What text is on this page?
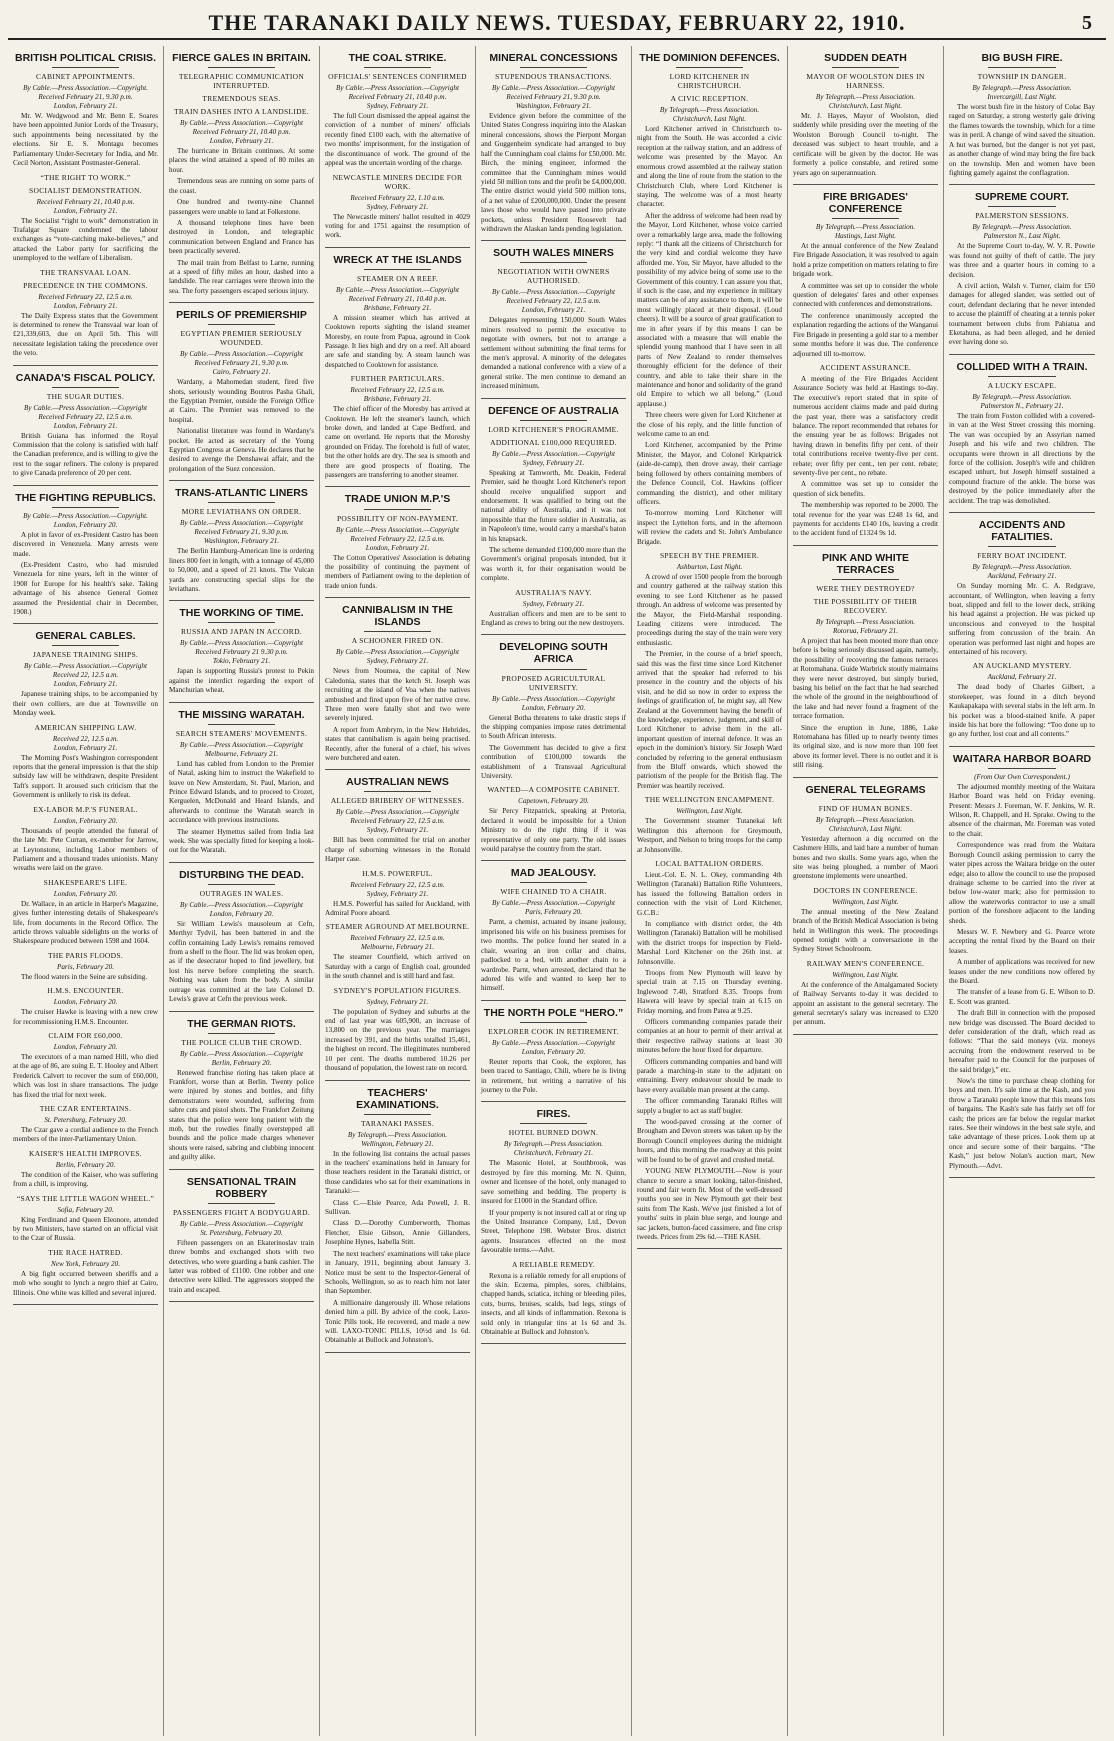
THE TARANAKI DAILY NEWS. TUESDAY, FEBRUARY 22, 1910.	5
BRITISH POLITICAL CRISIS.
CABINET APPOINTMENTS.
By Cable.—Press Association.—Copyright.
Received February 21, 9.30 p.m.
London, February 21.
Mr. W. Wedgwood and Mr. Benn E. Soares have been appointed Junior Lords of the Treasury, such appointments being necessitated by the elections. Sir E. S. Montagu becomes Parliamentary Under-Secretary for India, and Mr. Cecil Norton, Assistant Postmaster-General.
“THE RIGHT TO WORK.”
SOCIALIST DEMONSTRATION.
Received February 21, 10.40 p.m.
London, February 21.
The Socialist “right to work” demonstration in Trafalgar Square condemned the labour exchanges as “vote-catching make-believes,” and attacked the Labor party for sacrificing the unemployed to the welfare of Liberalism.
THE TRANSVAAL LOAN.
PRECEDENCE IN THE COMMONS.
Received February 22, 12.5 a.m.
London, February 21.
The Daily Express states that the Government is determined to renew the Transvaal war loan of £21,339,603, due on April 5th. This will necessitate legislation taking the precedence over the veto.
CANADA'S FISCAL POLICY.
THE SUGAR DUTIES.
By Cable.—Press Association.—Copyright
Received February 22, 12.5 a.m.
London, February 21.
British Guiana has informed the Royal Commission that the colony is satisfied with half the Canadian preference, and is willing to give the rest to the sugar refiners. The colony is prepared to give Canada preference of 20 per cent.
THE FIGHTING REPUBLICS.
By Cable.—Press Association.—Copyright.
London, February 20.
A plot in favor of ex-President Castro has been discovered in Venezuela. Many arrests were made.
(Ex-President Castro, who had misruled Venezuela for nine years, left in the winter of 1908 for Europe for his health's sake. Taking advantage of his absence General Gomez assumed the Presidential chair in December, 1908.)
GENERAL CABLES.
JAPANESE TRAINING SHIPS.
By Cable.—Press Association.—Copyright
Received 22, 12.5 a.m.
London, February 21.
Japanese training ships, to be accompanied by their own colliers, are due at Townsville on Monday week.
AMERICAN SHIPPING LAW.
Received 22, 12.5 a.m.
London, February 21.
The Morning Post's Washington correspondent reports that the general impression is that the ship subsidy law will be withdrawn, despite President Taft's support. It aroused such criticism that the Government is unlikely to risk its defeat.
EX-LABOR M.P.'S FUNERAL.
London, February 20.
Thousands of people attended the funeral of the late Mr. Pete Curran, ex-member for Jarrow, at Leytonstone, including Labor members of Parliament and a thousand trades unionists. Many wreaths were laid on the grave.
SHAKESPEARE'S LIFE.
London, February 20.
Dr. Wallace, in an article in Harper's Magazine, gives further interesting details of Shakespeare's life, from documents in the Record Office. The article throws valuable sidelights on the works of Shakespeare produced between 1598 and 1604.
THE PARIS FLOODS.
Paris, February 20.
The flood waters in the Seine are subsiding.
H.M.S. ENCOUNTER.
London, February 20.
The cruiser Hawke is leaving with a new crew for recommissioning H.M.S. Encounter.
CLAIM FOR £60,000.
London, February 20.
The executors of a man named Hill, who died at the age of 86, are suing E. T. Hooley and Albert Frederick Calvert to recover the sum of £60,000, which was lost in share transactions. The judge has fixed the trial for next week.
THE CZAR ENTERTAINS.
St. Petersburg, February 20.
The Czar gave a cordial audience to the French members of the inter-Parliamentary Union.
KAISER'S HEALTH IMPROVES.
Berlin, February 20.
The condition of the Kaiser, who was suffering from a chill, is improving.
“SAYS THE LITTLE WAGON WHEEL.”
Sofia, February 20.
King Ferdinand and Queen Eleonore, attended by two Ministers, have started on an official visit to the Czar of Russia.
THE RACE HATRED.
New York, February 20.
A big fight occurred between sheriffs and a mob who sought to lynch a negro thief at Cairo, Illinois. One white was killed and several injured.
FIERCE GALES IN BRITAIN.
TELEGRAPHIC COMMUNICATION INTERRUPTED.
TREMENDOUS SEAS.
TRAIN DASHES INTO A LANDSLIDE.
By Cable.—Press Association.—Copyright
Received February 21, 10.40 p.m.
London, February 21.
The hurricane in Britain continues. At some places the wind attained a speed of 80 miles an hour.
Tremendous seas are running on some parts of the coast.
One hundred and twenty-nine Channel passengers were unable to land at Folkestone.
A thousand telephone lines have been destroyed in London, and telegraphic communication between England and France has been practically severed.
The mail train from Belfast to Larne, running at a speed of fifty miles an hour, dashed into a landslide. The rear carriages were thrown into the sea. The forty passengers escaped serious injury.
PERILS OF PREMIERSHIP
EGYPTIAN PREMIER SERIOUSLY WOUNDED.
By Cable.—Press Association.—Copyright
Received February 21, 9.30 p.m.
Cairo, February 21.
Wardany, a Mahomedan student, fired five shots, seriously wounding Boutros Pasha Ghali, the Egyptian Premier, outside the Foreign Office at Cairo. The Premier was removed to the hospital.
Nationalist literature was found in Wardany's pocket. He acted as secretary of the Young Egyptian Congress at Geneva. He declares that he desired to avenge the Denshawai affair, and the prolongation of the Suez concession.
TRANS-ATLANTIC LINERS
MORE LEVIATHANS ON ORDER.
By Cable.—Press Association.—Copyright
Received February 21, 9.30 p.m.
Washington, February 21.
The Berlin Hamburg-American line is ordering liners 800 feet in length, with a tonnage of 45,000 to 50,000, and a speed of 21 knots. The Vulcan yards are constructing special slips for the leviathans.
THE WORKING OF TIME.
RUSSIA AND JAPAN IN ACCORD.
By Cable.—Press Association.—Copyright
Received February 21 9.30 p.m.
Tokio, February 21.
Japan is supporting Russia's protest to Pekin against the interdict regarding the export of Manchurian wheat.
THE MISSING WARATAH.
SEARCH STEAMERS' MOVEMENTS.
By Cable.—Press Association.—Copyright
Melbourne, February 21.
Lund has cabled from London to the Premier of Natal, asking him to instruct the Wakefield to leave on New Amsterdam, St. Paul, Marion, and Prince Edward Islands, and to proceed to Crozet, Kerguelen, McDonald and Heard Islands, and afterwards to continue the Waratah search in accordance with previous instructions.
The steamer Hymettus sailed from India last week. She was specially fitted for keeping a look-out for the Waratah.
DISTURBING THE DEAD.
OUTRAGES IN WALES.
By Cable.—Press Association.—Copyright
London, February 20.
Sir William Lewis's mausoleum at Cefn, Merthyr Tydvil, has been battered in and the coffin containing Lady Lewis's remains removed from a shelf to the floor. The lid was broken open, as if the desecrator hoped to find jewellery, but lost his nerve before completing the search. Nothing was taken from the body. A similar outrage was committed at the late Colonel D. Lewis's grave at Cefn the previous week.
THE GERMAN RIOTS.
THE POLICE CLUB THE CROWD.
By Cable.—Press Association.—Copyright
Berlin, February 20.
Renewed franchise rioting has taken place at Frankfort, worse than at Berlin. Twenty police were injured by stones and bottles, and fifty demonstrators were wounded, suffering from sabre cuts and pistol shots. The Frankfort Zeitung states that the police were long patient with the mob, but the rowdies finally overstepped all bounds and the police made charges whenever shouts were raised, sabring and clubbing innocent and guilty alike.
SENSATIONAL TRAIN ROBBERY
PASSENGERS FIGHT A BODYGUARD.
By Cable.—Press Association.—Copyright
St. Petersburg, February 20.
Fifteen passengers on an Ekaterinoslav train threw bombs and exchanged shots with two detectives, who were guarding a bank cashier. The latter was robbed of £1100. One robber and one detective were killed. The aggressors stopped the train and escaped.
THE COAL STRIKE.
OFFICIALS' SENTENCES CONFIRMED
By Cable.—Press Association.—Copyright
Received February 21, 10.40 p.m.
Sydney, February 21.
The full Court dismissed the appeal against the conviction of a number of miners' officials recently fined £100 each, with the alternative of two months' imprisonment, for the instigation of the discontinuance of work. The ground of the appeal was the uncertain wording of the charge.
NEWCASTLE MINERS DECIDE FOR WORK.
Received February 22, 1.10 a.m.
Sydney, February 21.
The Newcastle miners' ballot resulted in 4029 voting for and 1751 against the resumption of work.
WRECK AT THE ISLANDS
STEAMER ON A REEF.
By Cable.—Press Association.—Copyright
Received February 21, 10.40 p.m.
Brisbane, February 21.
A mission steamer which has arrived at Cooktown reports sighting the island steamer Moresby, en route from Papua, aground in Cook Passage. It lies high and dry on a reef. All aboard are safe and standing by. A steam launch was despatched to Cooktown for assistance.
FURTHER PARTICULARS.
Received February 22, 12.5 a.m.
Brisbane, February 21.
The chief officer of the Moresby has arrived at Cooktown. He left the steamer's launch, which broke down, and landed at Cape Bedford, and came on overland. He reports that the Moresby grounded on Friday. The forehold is full of water, but the other holds are dry. The sea is smooth and there are good prospects of floating. The passengers are transferring to another steamer.
TRADE UNION M.P.'S
POSSIBILITY OF NON-PAYMENT.
By Cable.—Press Association.—Copyright
Received February 22, 12.5 a.m.
London, February 21.
The Cotton Operatives' Association is debating the possibility of continuing the payment of members of Parliament owing to the depletion of trade union funds.
CANNIBALISM IN THE ISLANDS
A SCHOONER FIRED ON.
By Cable.—Press Association.—Copyright
Sydney, February 21.
News from Noumea, the capital of New Caledonia, states that the ketch St. Joseph was recruiting at the island of Voa when the natives ambushed and fired upon five of her native crew. Three men were fatally shot and two were severely injured.
A report from Ambrym, in the New Hebrides, states that cannibalism is again being practised. Recently, after the funeral of a chief, his wives were butchered and eaten.
AUSTRALIAN NEWS
ALLEGED BRIBERY OF WITNESSES.
By Cable.—Press Association.—Copyright
Received February 22, 12.5 a.m.
Sydney, February 21.
Bill has been committed for trial on another charge of suborning witnesses in the Ronald Harper case.
H.M.S. POWERFUL.
Received February 22, 12.5 a.m.
Sydney, February 21.
H.M.S. Powerful has sailed for Auckland, with Admiral Poore aboard.
STEAMER AGROUND AT MELBOURNE.
Received February 22, 12.5 a.m.
Melbourne, February 21.
The steamer Courtfield, which arrived on Saturday with a cargo of English coal, grounded in the south channel and is still hard and fast.
SYDNEY'S POPULATION FIGURES.
Sydney, February 21.
The population of Sydney and suburbs at the end of last year was 605,900, an increase of 13,800 on the previous year. The marriages increased by 391, and the births totalled 15,461, the highest on record. The illegitimates numbered 10 per cent. The deaths numbered 10.26 per thousand of population, the lowest rate on record.
TEACHERS' EXAMINATIONS.
TARANAKI PASSES.
By Telegraph.—Press Association.
Wellington, February 21.
In the following list contains the actual passes in the teachers' examinations held in January for those teachers resident in the Taranaki district, or those candidates who sat for their examinations in Taranaki:—
Class C.—Elsie Pearce, Ada Powell, J. R. Sullivan.
Class D.—Dorothy Cumberworth, Thomas Fletcher, Elsie Gibson, Annie Gillanders, Josephine Hynes, Isabella Stitt.
The next teachers' examinations will take place in January, 1911, beginning about January 3. Notice must be sent to the Inspector-General of Schools, Wellington, so as to reach him not later than September.
A millionaire dangerously ill. Whose relations denied him a pill. By advice of the cook, Laxo-Tonic Pills took, He recovered, and made a new will. LAXO-TONIC PILLS, 10½d and 1s 6d. Obtainable at Bullock and Johnston's.
MINERAL CONCESSIONS
STUPENDOUS TRANSACTIONS.
By Cable.—Press Association.—Copyright
Received February 21, 9.30 p.m.
Washington, February 21.
Evidence given before the committee of the United States Congress inquiring into the Alaskan mineral concessions, shows the Pierpont Morgan and Guggenheim syndicate had arranged to buy half the Cunningham coal claims for £50,000. Mr. Birch, the mining engineer, informed the committee that the Cunningham mines would yield 50 million tons and the profit be £4,000,000. The entire district would yield 500 million tons, of a net value of £200,000,000. Under the present laws those who would have passed into private pockets, unless President Roosevelt had withdrawn the Alaskan lands pending legislation.
SOUTH WALES MINERS
NEGOTIATION WITH OWNERS AUTHORISED.
By Cable.—Press Association.—Copyright
Received February 22, 12.5 a.m.
London, February 21.
Delegates representing 150,000 South Wales miners resolved to permit the executive to negotiate with owners, but not to arrange a settlement without submitting the final terms for the men's approval. A minority of the delegates demanded a national conference with a view of a general strike. The men continue to demand an increased minimum.
DEFENCE OF AUSTRALIA
LORD KITCHENER'S PROGRAMME.
ADDITIONAL £100,000 REQUIRED.
By Cable.—Press Association.—Copyright
Sydney, February 21.
Speaking at Tamworth, Mr. Deakin, Federal Premier, said he thought Lord Kitchener's report should receive unqualified support and endorsement. It was qualified to bring out the national ability of Australia, and it was not impossible that the future soldier in Australia, as in Napoleon's time, would carry a marshal's baton in his knapsack.
The scheme demanded £100,000 more than the Government's original proposals intended, but it was worth it, for their organisation would be complete.
AUSTRALIA'S NAVY.
Sydney, February 21.
Australian officers and men are to be sent to England as crews to bring out the new destroyers.
DEVELOPING SOUTH AFRICA
PROPOSED AGRICULTURAL UNIVERSITY.
By Cable.—Press Association.—Copyright
London, February 20.
General Botha threatens to take drastic steps if the shipping companies impose rates detrimental to South African interests.
The Government has decided to give a first contribution of £100,000 towards the establishment of a Transvaal Agricultural University.
WANTED—A COMPOSITE CABINET.
Capetown, February 20.
Sir Percy Fitzpatrick, speaking at Pretoria, declared it would be impossible for a Union Ministry to do the right thing if it was representative of only one party. The old issues would paralyse the country from the start.
MAD JEALOUSY.
WIFE CHAINED TO A CHAIR.
By Cable.—Press Association.—Copyright
Paris, February 20.
Parnt, a chemist, actuated by insane jealousy, imprisoned his wife on his business premises for two months. The police found her seated in a chair, wearing an iron collar and chains, padlocked to a bed, with another chain to a wardrobe. Parnt, when arrested, declared that he adored his wife and wanted to keep her to himself.
THE NORTH POLE “HERO.”
EXPLORER COOK IN RETIREMENT.
By Cable.—Press Association.—Copyright
London, February 20.
Reuter reports that Cook, the explorer, has been traced to Santiago, Chili, where he is living in retirement, but writing a narrative of his journey to the Pole.
FIRES.
HOTEL BURNED DOWN.
By Telegraph.—Press Association.
Christchurch, February 21.
The Masonic Hotel, at Southbrook, was destroyed by fire this morning. Mr. N. Quinn, owner and licensee of the hotel, only managed to save something and bedding. The property is insured for £1000 in the Standard office.
If your property is not insured call at or ring up the United Insurance Company, Ltd., Devon Street, Telephone 198. Webster Bros. district agents. Insurances effected on the most favourable terms.—Advt.
A RELIABLE REMEDY.
Rexona is a reliable remedy for all eruptions of the skin. Eczema, pimples, sores, chilblains, chapped hands, sciatica, itching or bleeding piles, cuts, burns, bruises, scalds, bad legs, stings of insects, and all kinds of inflammation. Rexona is sold only in triangular tins at 1s 6d and 3s. Obtainable at Bullock and Johnston's.
THE DOMINION DEFENCES.
LORD KITCHENER IN CHRISTCHURCH.
A CIVIC RECEPTION.
By Telegraph.—Press Association.
Christchurch, Last Night.
Lord Kitchener arrived in Christchurch to-night from the South. He was accorded a civic reception at the railway station, and an address of welcome was presented by the Mayor. An enormous crowd assembled at the railway station and along the line of route from the station to the Christchurch Club, where Lord Kitchener is staying. The welcome was of a most hearty character.
After the address of welcome had been read by the Mayor, Lord Kitchener, whose voice carried over a remarkably large area, made the following reply: “I thank all the citizens of Christchurch for the very kind and cordial welcome they have afforded me. You, Sir Mayor, have alluded to the possibility of my advice being of some use to the Government of this country. I can assure you that, if such is the case, and my experience in military matters can be of any assistance to them, it will be most willingly placed at their disposal. (Loud cheers). It will be a source of great gratification to me in after years if by this means I can be associated with a measure that will enable the splendid young manhood that I have seen in all parts of New Zealand to render themselves thoroughly efficient for the defence of their country, and able to take their share in the maintenance and honor and solidarity of the grand old Empire to which we all belong.” (Loud applause.)
Three cheers were given for Lord Kitchener at the close of his reply, and the little function of welcome came to an end.
Lord Kitchener, accompanied by the Prime Minister, the Mayor, and Colonel Kirkpatrick (aide-de-camp), then drove away, their carriage being followed by others containing members of the Defence Council, Col. Hawkins (officer commanding the district), and other military officers.
To-morrow morning Lord Kitchener will inspect the Lyttelton forts, and in the afternoon will review the cadets and St. John's Ambulance Brigade.
SPEECH BY THE PREMIER.
Ashburton, Last Night.
A crowd of over 1500 people from the borough and country gathered at the railway station this evening to see Lord Kitchener as he passed through. An address of welcome was presented by the Mayor, the Field-Marshal responding. Leading citizens were introduced. The proceedings during the stay of the train were very enthusiastic.
The Premier, in the course of a brief speech, said this was the first time since Lord Kitchener arrived that the speaker had referred to his presence in the country and the objects of his visit, and he did so now in order to express the feelings of gratification of, he might say, all New Zealand at the Government having the benefit of the knowledge, experience, judgment, and skill of Lord Kitchener to advise them in the all-important question of internal defence. It was an epoch in the dominion's history. Sir Joseph Ward concluded by referring to the general enthusiasm from the Bluff onwards, which showed the patriotism of the people for the British flag. The Premier was heartily received.
THE WELLINGTON ENCAMPMENT.
Wellington, Last Night.
The Government steamer Tutanekai left Wellington this afternoon for Greymouth, Westport, and Nelson to bring troops for the camp at Johnsonville.
LOCAL BATTALION ORDERS.
Lieut.-Col. E. N. L. Okey, commanding 4th Wellington (Taranaki) Battalion Rifle Volunteers, has issued the following Battalion orders in connection with the visit of Lord Kitchener, G.C.B.:
In compliance with district order, the 4th Wellington (Taranaki) Battalion will be mobilised with the district troops for inspection by Field-Marshal Lord Kitchener on the 26th inst. at Johnsonville.
Troops from New Plymouth will leave by special train at 7.15 on Thursday evening. Inglewood 7.40, Stratford 8.35. Troops from Hawera will leave by special train at 6.15 on Friday morning, and from Patea at 9.25.
Officers commanding companies parade their companies at an hour to permit of their arrival at their respective railway stations at least 30 minutes before the hour fixed for departure.
Officers commanding companies and band will parade a marching-in state to the adjutant on entraining. Every endeavour should be made to have every available man present at the camp.
The officer commanding Taranaki Rifles will supply a bugler to act as staff bugler.
The wood-paved crossing at the corner of Brougham and Devon streets was taken up by the Borough Council employees during the midnight hours, and this morning the roadway at this point will be found to be of gravel and crushed metal.
YOUNG NEW PLYMOUTH.—Now is your chance to secure a smart looking, tailor-finished, round and fair worn fit. Most of the well-dressed youths you see in New Plymouth get their best suits from The Kash. We've just finished a lot of youths' suits in plain blue serge, and lounge and sac jackets, button-faced cassimere, and fine crisp tweeds. Prices from 29s 6d.—THE KASH.
SUDDEN DEATH
MAYOR OF WOOLSTON DIES IN HARNESS.
By Telegraph.—Press Association.
Christchurch, Last Night.
Mr. J. Hayes, Mayor of Woolston, died suddenly while presiding over the meeting of the Woolston Borough Council to-night. The deceased was subject to heart trouble, and a certificate will be given by the doctor. He was formerly a police constable, and retired some years ago on superannuation.
FIRE BRIGADES' CONFERENCE
By Telegraph.—Press Association.
Hastings, Last Night.
At the annual conference of the New Zealand Fire Brigade Association, it was resolved to again hold a prize competition on matters relating to fire brigade work.
A committee was set up to consider the whole question of delegates' fares and other expenses connected with conferences and demonstrations.
The conference unanimously accepted the explanation regarding the actions of the Wanganui Fire Brigade in presenting a gold star to a member some months before it was due. The conference adjourned till to-morrow.
ACCIDENT ASSURANCE.
A meeting of the Fire Brigades Accident Assurance Society was held at Hastings to-day. The executive's report stated that in spite of numerous accident claims made and paid during the past year, there was a satisfactory credit balance. The report recommended that rebates for the ensuing year be as follows: Brigades not having drawn in benefits fifty per cent. of their total contributions receive twenty-five per cent. rebate; over fifty per cent., ten per cent. rebate; seventy-five per cent., no rebate.
A committee was set up to consider the question of sick benefits.
The membership was reported to be 2000. The total revenue for the year was £248 1s 6d, and payments for accidents £140 10s, leaving a credit to the accident fund of £1324 9s 1d.
PINK AND WHITE TERRACES
WERE THEY DESTROYED?
THE POSSIBILITY OF THEIR RECOVERY.
By Telegraph.—Press Association.
Rotorua, February 21.
A project that has been mooted more than once before is being seriously discussed again, namely, the possibility of recovering the famous terraces at Rotomahana. Guide Warbrick stoutly maintains they were never destroyed, but simply buried, basing his belief on the fact that he had searched the whole of the ground in the neighbourhood of the lake and had never found a fragment of the terrace formation.
Since the eruption in June, 1886, Lake Rotomahana has filled up to nearly twenty times its original size, and is now more than 100 feet above its former level. There is no outlet and it is still rising.
GENERAL TELEGRAMS
FIND OF HUMAN BONES.
By Telegraph.—Press Association.
Christchurch, Last Night.
Yesterday afternoon a dig occurred on the Cashmere Hills, and laid bare a number of human bones and two skulls. Some years ago, when the site was being ploughed, a number of Maori greenstone implements were unearthed.
DOCTORS IN CONFERENCE.
Wellington, Last Night.
The annual meeting of the New Zealand branch of the British Medical Association is being held in Wellington this week. The proceedings opened tonight with a conversazione in the Sydney Street Schoolroom.
RAILWAY MEN'S CONFERENCE.
Wellington, Last Night.
At the conference of the Amalgamated Society of Railway Servants to-day it was decided to appoint an assistant to the general secretary. The general secretary's salary was increased to £320 per annum.
BIG BUSH FIRE.
TOWNSHIP IN DANGER.
By Telegraph.—Press Association.
Invercargill, Last Night.
The worst bush fire in the history of Colac Bay raged on Saturday, a strong westerly gale driving the flames towards the township, which for a time was in peril. A change of wind saved the situation. A hut was burned, but the danger is not yet past, as another change of wind may bring the fire back on the township. Men and women have been fighting gamely against the conflagration.
SUPREME COURT.
PALMERSTON SESSIONS.
By Telegraph.—Press Association.
Palmerston N., Last Night.
At the Supreme Court to-day, W. V. R. Powrie was found not guilty of theft of cattle. The jury was three and a quarter hours in coming to a decision.
A civil action, Walsh v. Turner, claim for £50 damages for alleged slander, was settled out of court, defendant declaring that he never intended to accuse the plaintiff of cheating at a tennis poker tournament between clubs from Pahiatua and Eketahuna, as had been alleged, and he denied ever having done so.
COLLIDED WITH A TRAIN.
A LUCKY ESCAPE.
By Telegraph.—Press Association.
Palmerston N., February 21.
The train from Foxton collided with a covered-in van at the West Street crossing this morning. The van was occupied by an Assyrian named Joseph and his wife and two children. The occupants were thrown in all directions by the force of the collision. Joseph's wife and children escaped unhurt, but Joseph himself sustained a compound fracture of the ankle. The horse was destroyed by the police immediately after the accident. The trap was demolished.
ACCIDENTS AND FATALITIES.
FERRY BOAT INCIDENT.
By Telegraph.—Press Association.
Auckland, February 21.
On Sunday morning Mr. C. A. Redgrave, accountant, of Wellington, when leaving a ferry boat, slipped and fell to the lower deck, striking his head against a projection. He was picked up unconscious and conveyed to the hospital suffering from concussion of the brain. An operation was performed last night and hopes are entertained of his recovery.
AN AUCKLAND MYSTERY.
Auckland, February 21.
The dead body of Charles Gilbert, a storekeeper, was found in a ditch beyond Kaukapakapa with several stabs in the left arm. In his pocket was a blood-stained knife. A paper inside his hat bore the following: “Too done up to go any further, lost coat and all contents.”
WAITARA HARBOR BOARD
(From Our Own Correspondent.)
The adjourned monthly meeting of the Waitara Harbor Board was held on Friday evening. Present: Messrs J. Foreman, W. F. Jenkins, W. R. Wilson, R. Chappell, and H. Sprake. Owing to the absence of the chairman, Mr. Foreman was voted to the chair.
Correspondence was read from the Waitara Borough Council asking permission to carry the water pipes across the Waitara bridge on the outer edge; also to allow the council to use the proposed drainage scheme to be carried into the river at below low-water mark; also for permission to allow the waterworks contractor to use a small portion of the foreshore adjacent to the landing sheds.
Messrs W. F. Newbery and G. Pearce wrote accepting the rental fixed by the Board on their leases.
A number of applications was received for new leases under the new conditions now offered by the Board.
The transfer of a lease from G. E. Wilson to D. E. Scott was granted.
The draft Bill in connection with the proposed new bridge was discussed. The Board decided to defer consideration of the draft, which read as follows: “That the said moneys (viz. moneys accruing from the endowment reserved to be hereafter paid to the Council for the purposes of the said bridge),” etc.
Now's the time to purchase cheap clothing for boys and men. It's sale time at the Kash, and you throw a Taranaki people know that this means lots of bargains. The Kash's sale has fairly set off for cash; the prices are far below the regular market rates. See their windows in the best sale style, and take advantage of these prices. Look them up at once and secure some of their bargains. “The Kash,” just below Nolan's auction mart, New Plymouth.—Advt.
